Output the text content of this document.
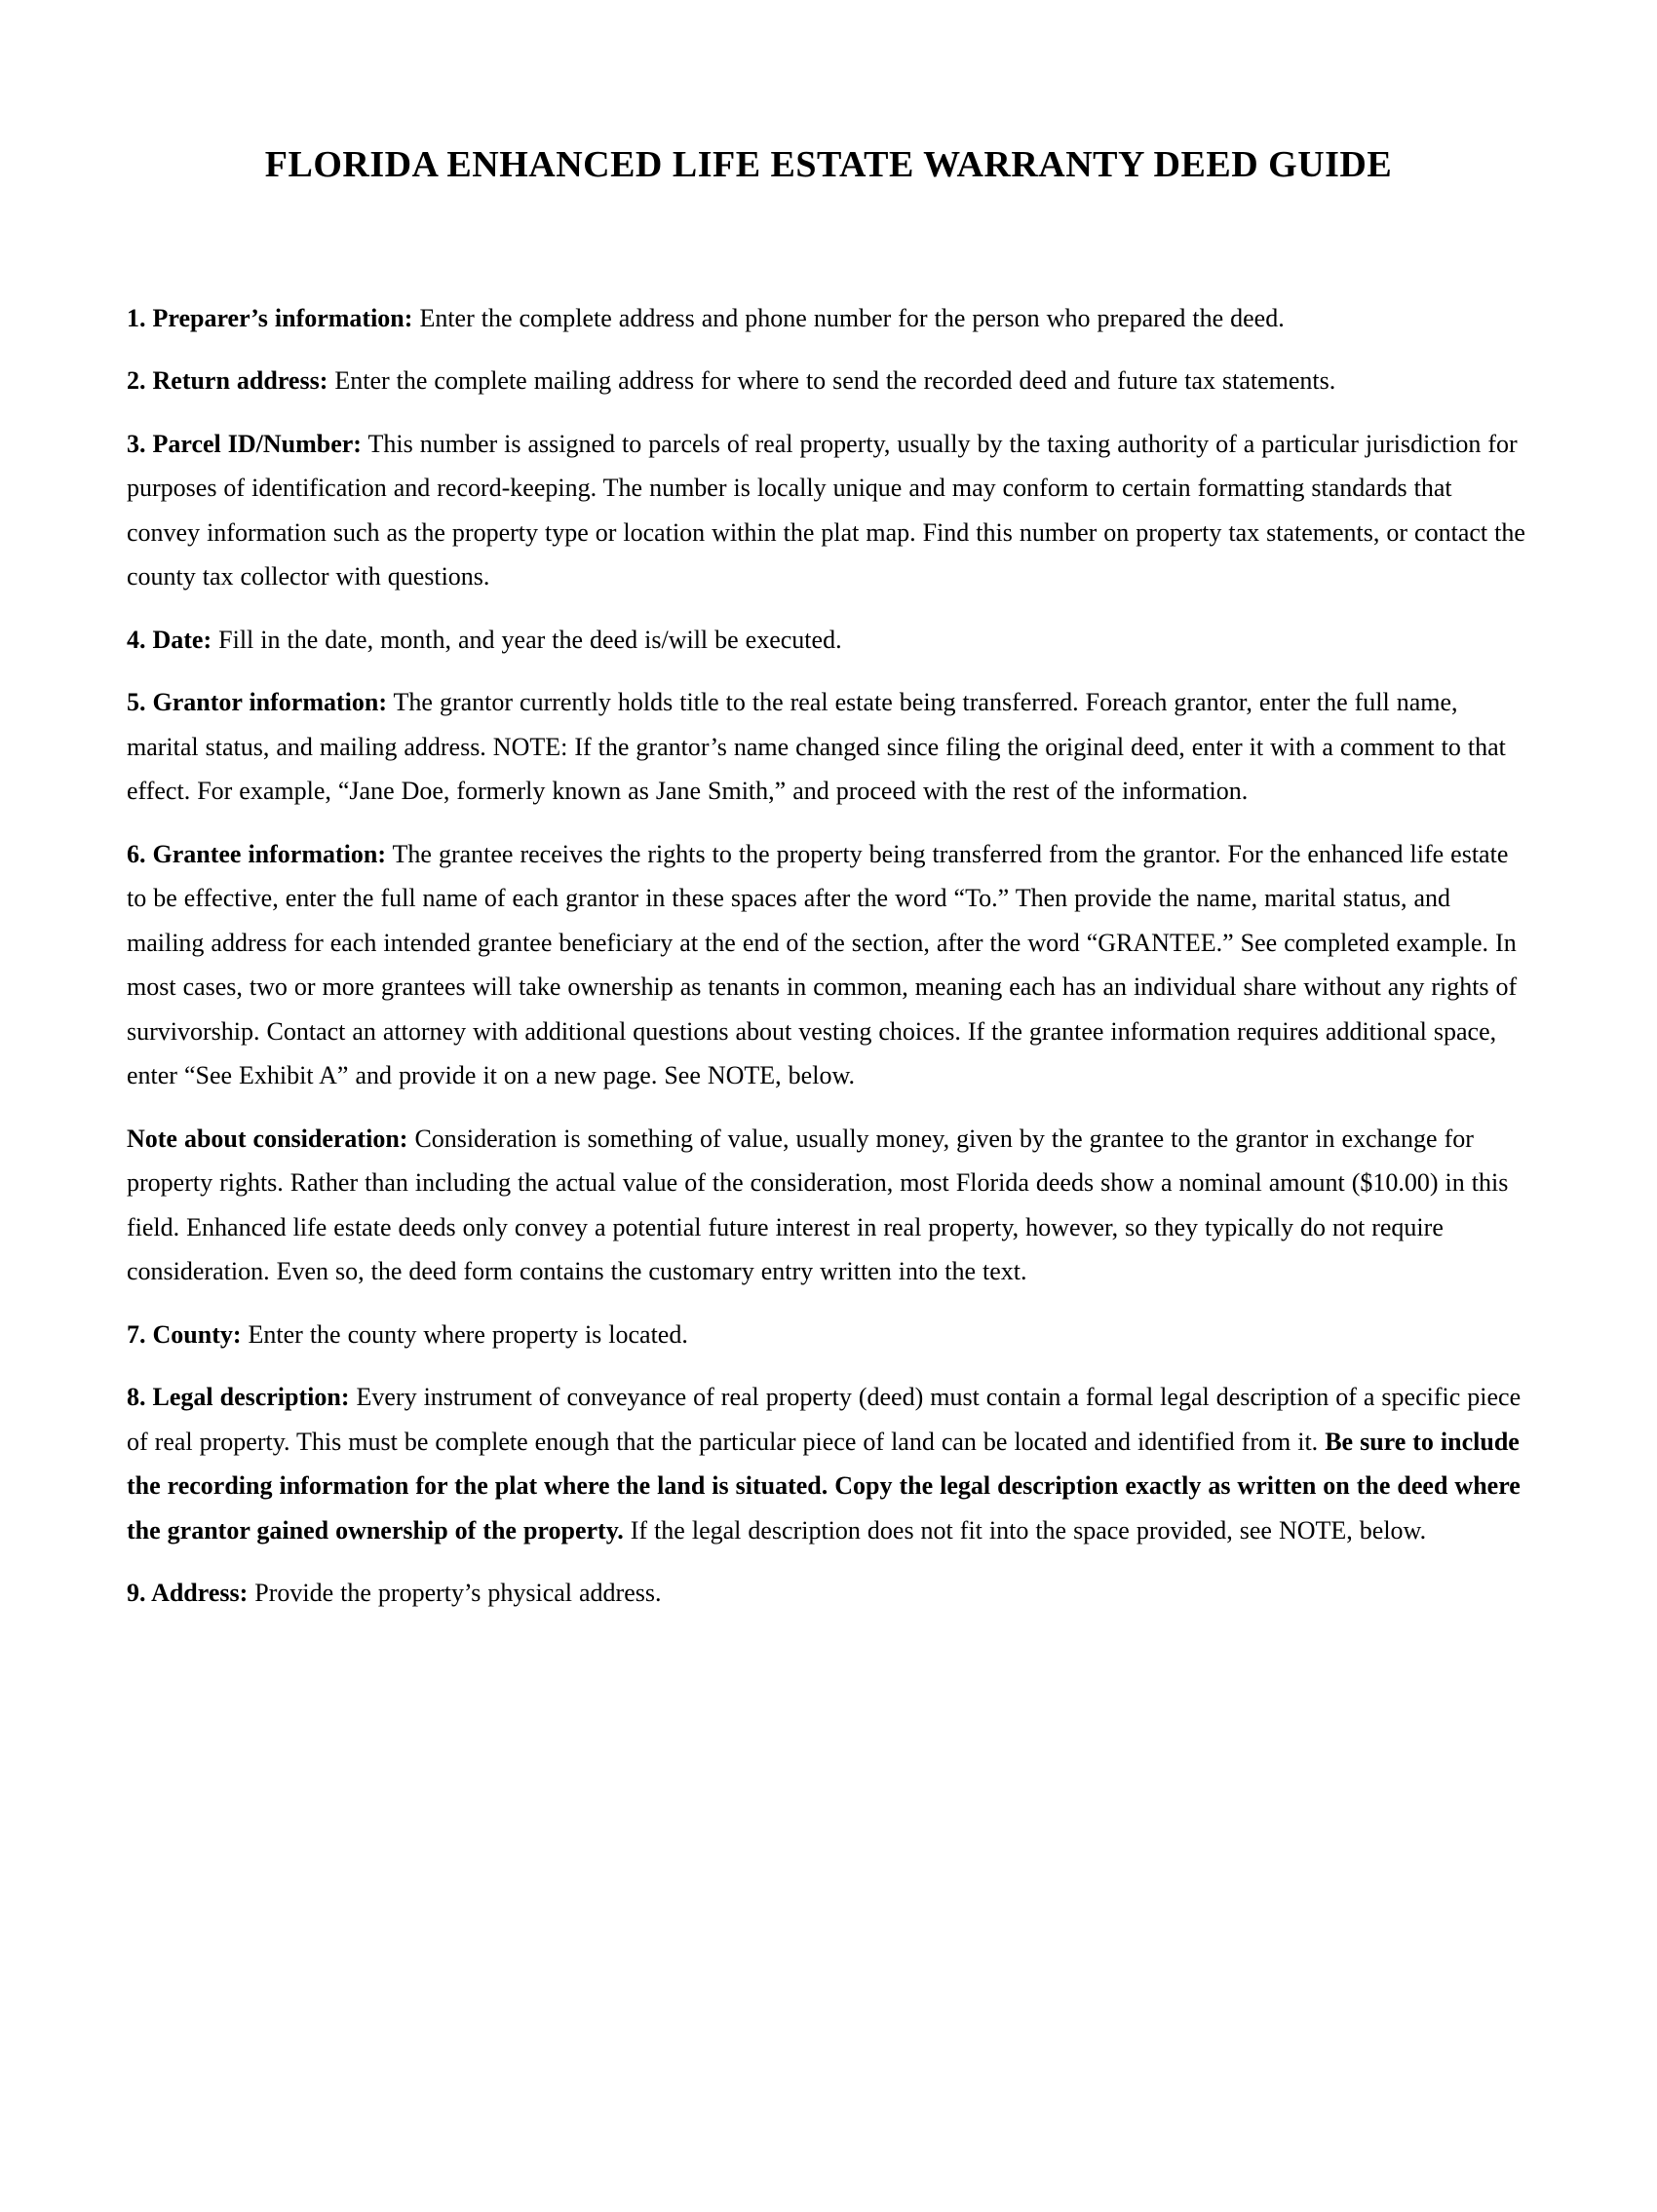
FLORIDA ENHANCED LIFE ESTATE WARRANTY DEED GUIDE

1. Preparer’s information: Enter the complete address and phone number for the person who prepared the deed.

2. Return address: Enter the complete mailing address for where to send the recorded deed and future tax statements.

3. Parcel ID/Number: This number is assigned to parcels of real property, usually by the taxing authority of a particular jurisdiction for purposes of identification and record-keeping. The number is locally unique and may conform to certain formatting standards that convey information such as the property type or location within the plat map. Find this number on property tax statements, or contact the county tax collector with questions.

4. Date: Fill in the date, month, and year the deed is/will be executed.

5. Grantor information: The grantor currently holds title to the real estate being transferred. Foreach grantor, enter the full name, marital status, and mailing address. NOTE: If the grantor’s name changed since filing the original deed, enter it with a comment to that effect. For example, “Jane Doe, formerly known as Jane Smith,” and proceed with the rest of the information.

6. Grantee information: The grantee receives the rights to the property being transferred from the grantor. For the enhanced life estate to be effective, enter the full name of each grantor in these spaces after the word “To.” Then provide the name, marital status, and mailing address for each intended grantee beneficiary at the end of the section, after the word “GRANTEE.” See completed example. In most cases, two or more grantees will take ownership as tenants in common, meaning each has an individual share without any rights of survivorship. Contact an attorney with additional questions about vesting choices. If the grantee information requires additional space, enter “See Exhibit A” and provide it on a new page. See NOTE, below.

Note about consideration: Consideration is something of value, usually money, given by the grantee to the grantor in exchange for property rights. Rather than including the actual value of the consideration, most Florida deeds show a nominal amount ($10.00) in this field. Enhanced life estate deeds only convey a potential future interest in real property, however, so they typically do not require consideration. Even so, the deed form contains the customary entry written into the text.

7. County: Enter the county where property is located.

8. Legal description: Every instrument of conveyance of real property (deed) must contain a formal legal description of a specific piece of real property. This must be complete enough that the particular piece of land can be located and identified from it. Be sure to include the recording information for the plat where the land is situated. Copy the legal description exactly as written on the deed where the grantor gained ownership of the property. If the legal description does not fit into the space provided, see NOTE, below.

9. Address: Provide the property’s physical address.
